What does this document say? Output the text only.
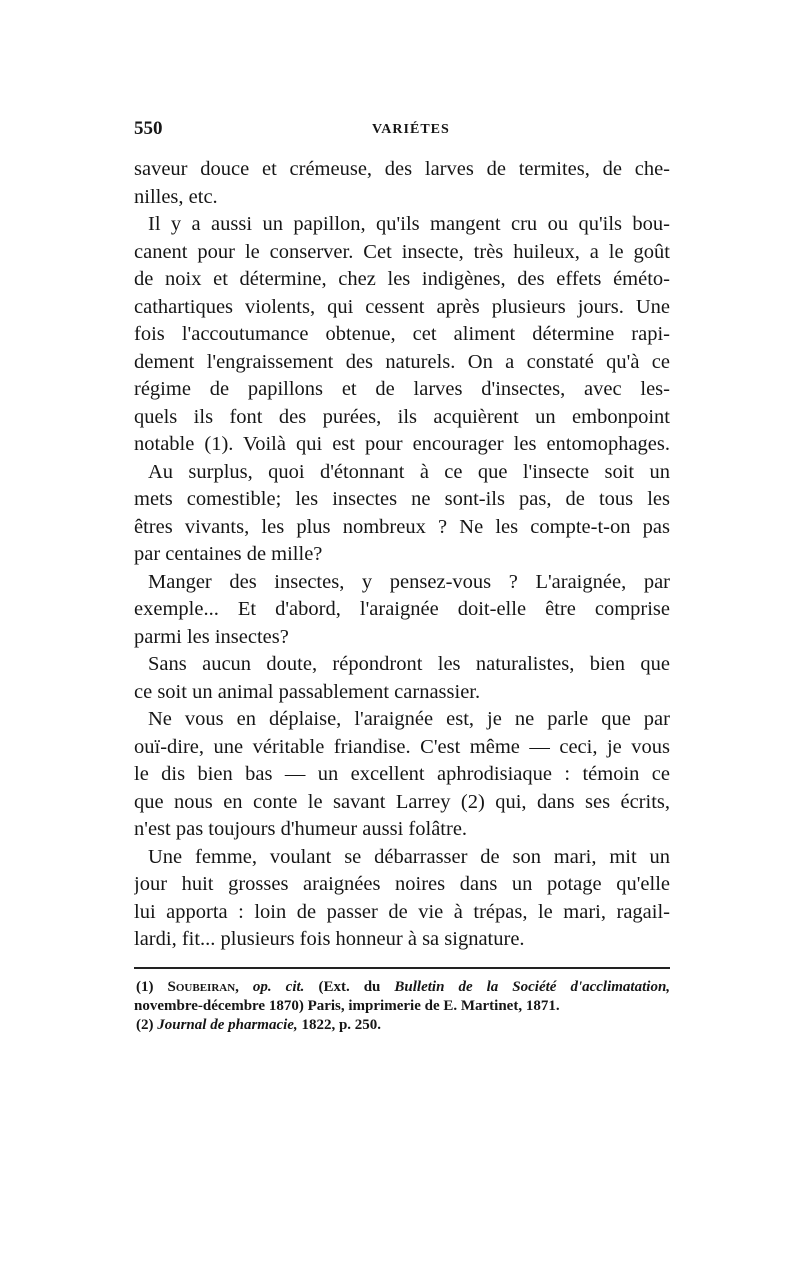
550	VARIÉTES
saveur douce et crémeuse, des larves de termites, de che-
nilles, etc.
Il y a aussi un papillon, qu'ils mangent cru ou qu'ils bou-
canent pour le conserver. Cet insecte, très huileux, a le goût
de noix et détermine, chez les indigènes, des effets éméto-
cathartiques violents, qui cessent après plusieurs jours. Une
fois l'accoutumance obtenue, cet aliment détermine rapi-
dement l'engraissement des naturels. On a constaté qu'à ce
régime de papillons et de larves d'insectes, avec les-
quels ils font des purées, ils acquièrent un embonpoint
notable (1). Voilà qui est pour encourager les entomophages.
Au surplus, quoi d'étonnant à ce que l'insecte soit un
mets comestible; les insectes ne sont-ils pas, de tous les
êtres vivants, les plus nombreux ? Ne les compte-t-on pas
par centaines de mille?
Manger des insectes, y pensez-vous ? L'araignée, par
exemple... Et d'abord, l'araignée doit-elle être comprise
parmi les insectes?
Sans aucun doute, répondront les naturalistes, bien que
ce soit un animal passablement carnassier.
Ne vous en déplaise, l'araignée est, je ne parle que par
ouï-dire, une véritable friandise. C'est même — ceci, je vous
le dis bien bas — un excellent aphrodisiaque : témoin ce
que nous en conte le savant Larrey (2) qui, dans ses écrits,
n'est pas toujours d'humeur aussi folâtre.
Une femme, voulant se débarrasser de son mari, mit un
jour huit grosses araignées noires dans un potage qu'elle
lui apporta : loin de passer de vie à trépas, le mari, ragail-
lardi, fit... plusieurs fois honneur à sa signature.
(1) Soubeiran, op. cit. (Ext. du Bulletin de la Société d'acclimatation,
novembre-décembre 1870) Paris, imprimerie de E. Martinet, 1871.
(2) Journal de pharmacie, 1822, p. 250.
